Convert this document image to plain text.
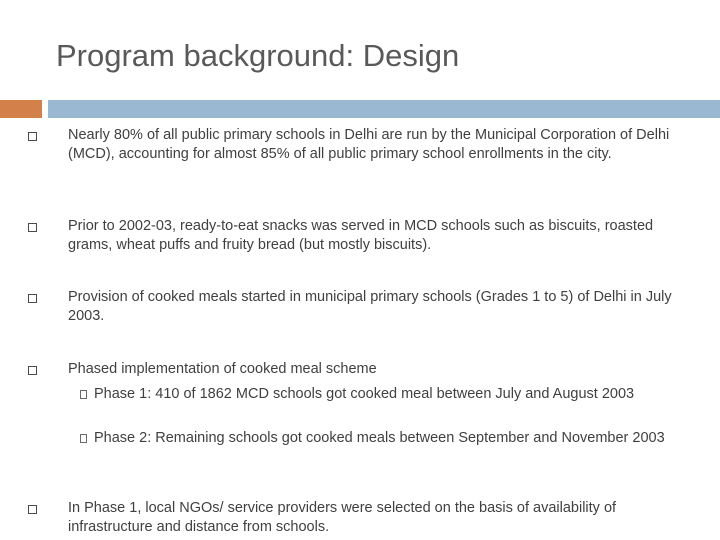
Program background: Design
Nearly 80% of all public primary schools in Delhi are run by the Municipal Corporation of Delhi (MCD), accounting for almost 85% of all public primary school enrollments in the city.
Prior to 2002-03, ready-to-eat snacks was served in MCD schools such as biscuits, roasted grams, wheat puffs and fruity bread (but mostly biscuits).
Provision of cooked meals started in municipal primary schools (Grades 1 to 5) of Delhi in July 2003.
Phased implementation of cooked meal scheme
Phase 1: 410 of 1862 MCD schools got cooked meal between July and August 2003
Phase 2: Remaining schools got cooked meals between September and November 2003
In Phase 1, local NGOs/ service providers were selected on the basis of availability of infrastructure and distance from schools.
